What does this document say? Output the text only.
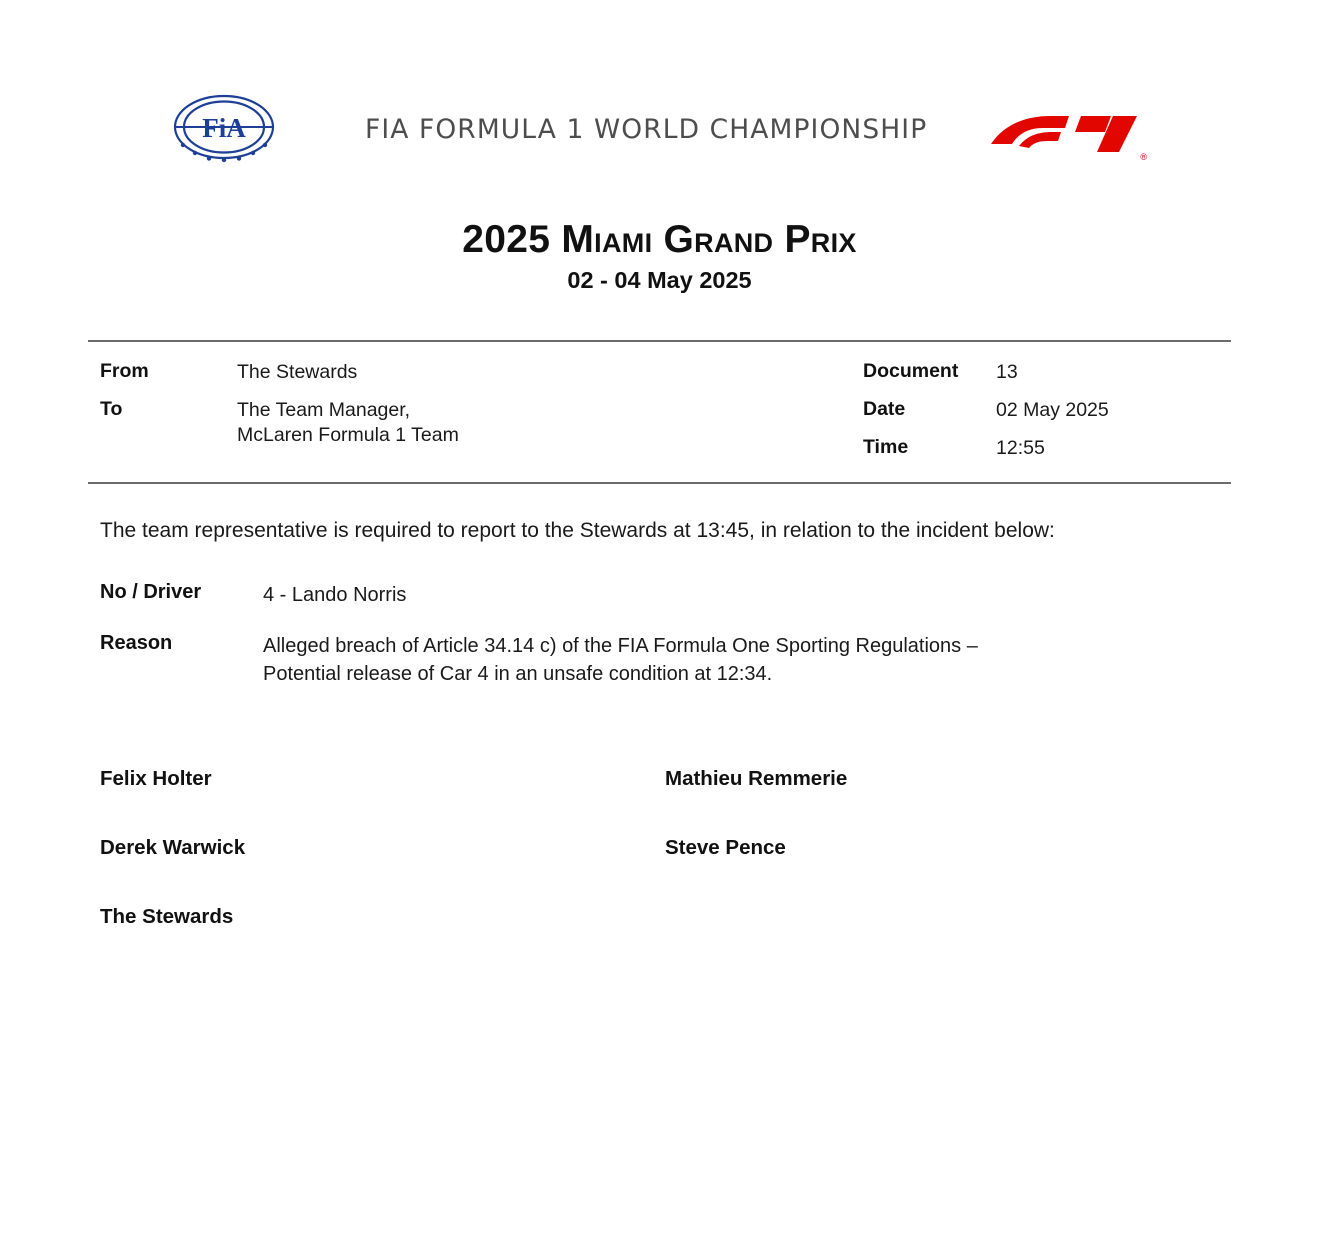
FiA	FIA FORMULA 1 WORLD CHAMPIONSHIP
®
2025 Miami Grand Prix
02 - 04 May 2025
From	The Stewards
To	The Team Manager,
McLaren Formula 1 Team
Document	13
Date	02 May 2025
Time	12:55
The team representative is required to report to the Stewards at 13:45, in relation to the incident below:
No / Driver	4 - Lando Norris
Reason	Alleged breach of Article 34.14 c) of the FIA Formula One Sporting Regulations –
Potential release of Car 4 in an unsafe condition at 12:34.
Felix Holter	Mathieu Remmerie
Derek Warwick	Steve Pence
The Stewards
